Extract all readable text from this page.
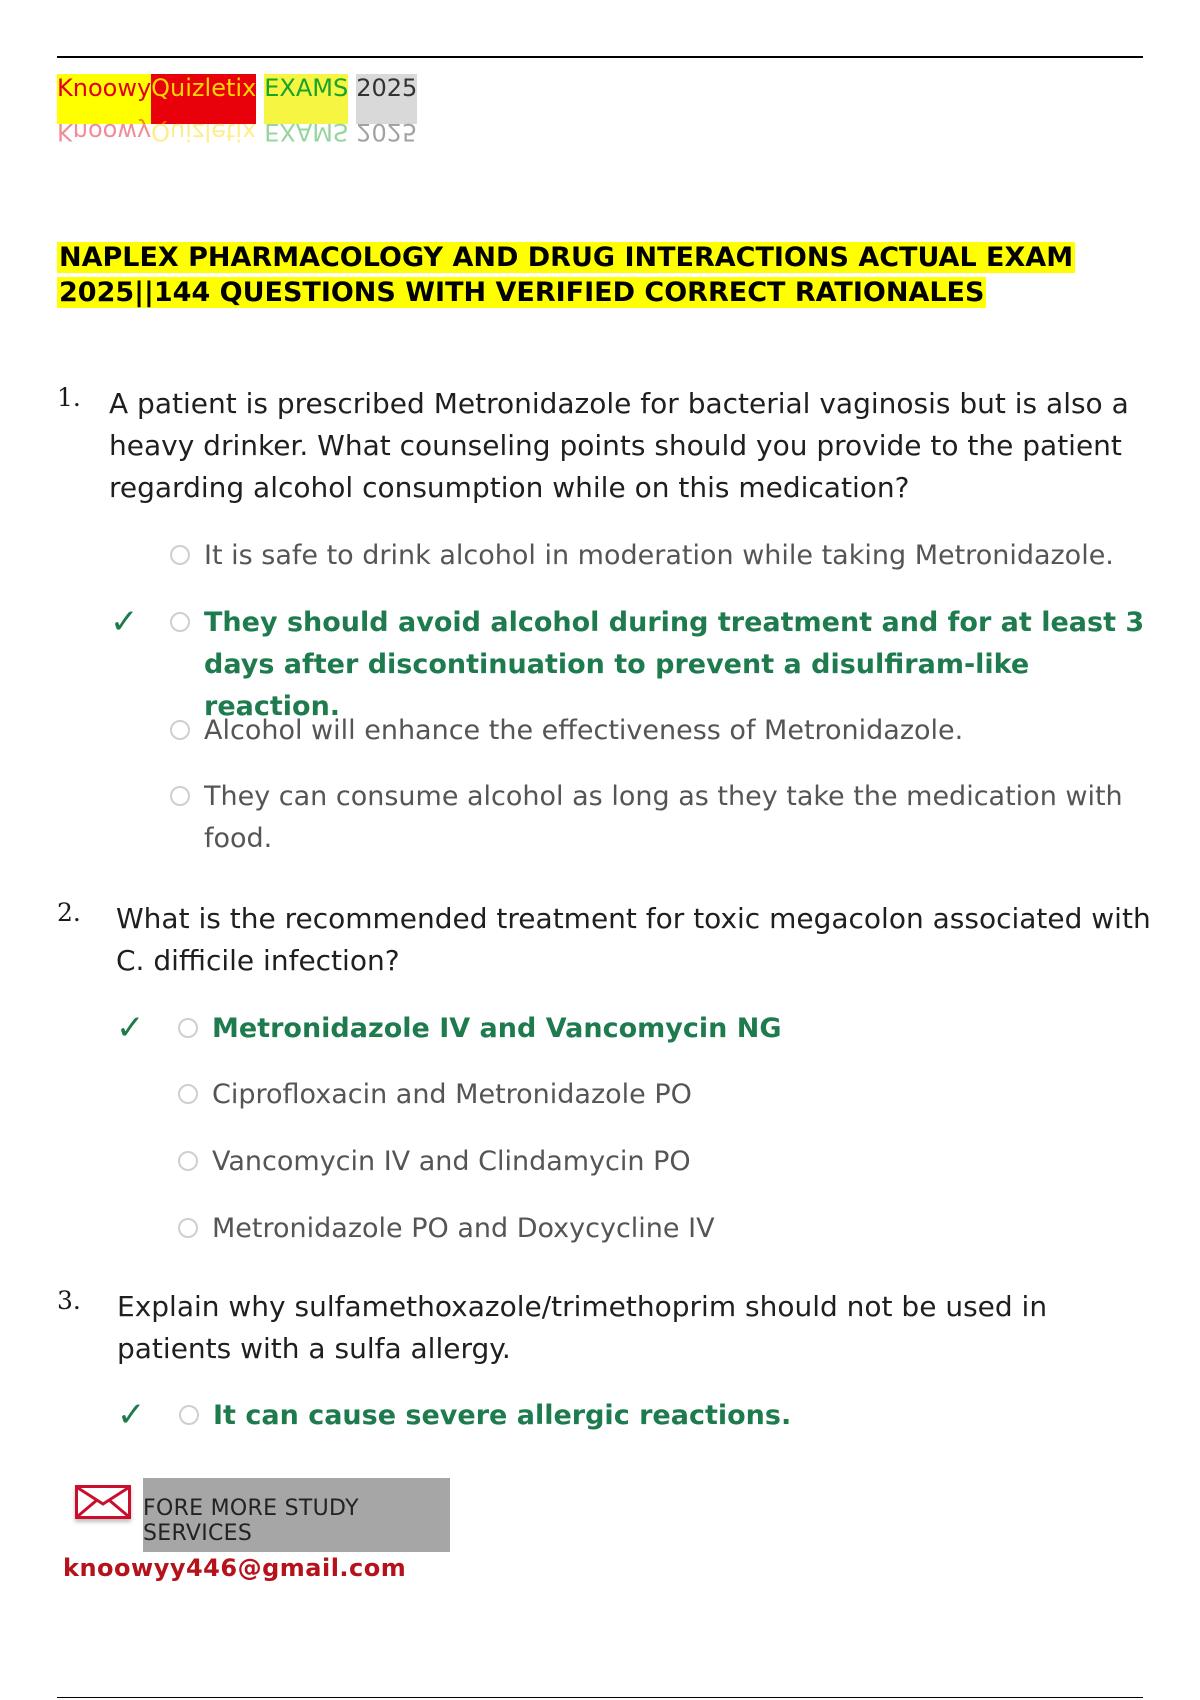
Knoowy
Knoowy
Quizletix
Quizletix
EXAMS
EXAMS
2025
2025
NAPLEX PHARMACOLOGY AND DRUG INTERACTIONS ACTUAL EXAM 2025||144 QUESTIONS WITH VERIFIED CORRECT RATIONALES
1. A patient is prescribed Metronidazole for bacterial vaginosis but is also a heavy drinker. What counseling points should you provide to the patient regarding alcohol consumption while on this medication?
It is safe to drink alcohol in moderation while taking Metronidazole.
✓ They should avoid alcohol during treatment and for at least 3 days after discontinuation to prevent a disulfiram-like reaction.
Alcohol will enhance the effectiveness of Metronidazole.
They can consume alcohol as long as they take the medication with food.
2. What is the recommended treatment for toxic megacolon associated with C. difficile infection?
✓	Metronidazole IV and Vancomycin NG
Ciprofloxacin and Metronidazole PO
Vancomycin IV and Clindamycin PO
Metronidazole PO and Doxycycline IV
3. Explain why sulfamethoxazole/trimethoprim should not be used in patients with a sulfa allergy.
✓	It can cause severe allergic reactions.
FORE MORE STUDY SERVICES
knoowyy446@gmail.com
